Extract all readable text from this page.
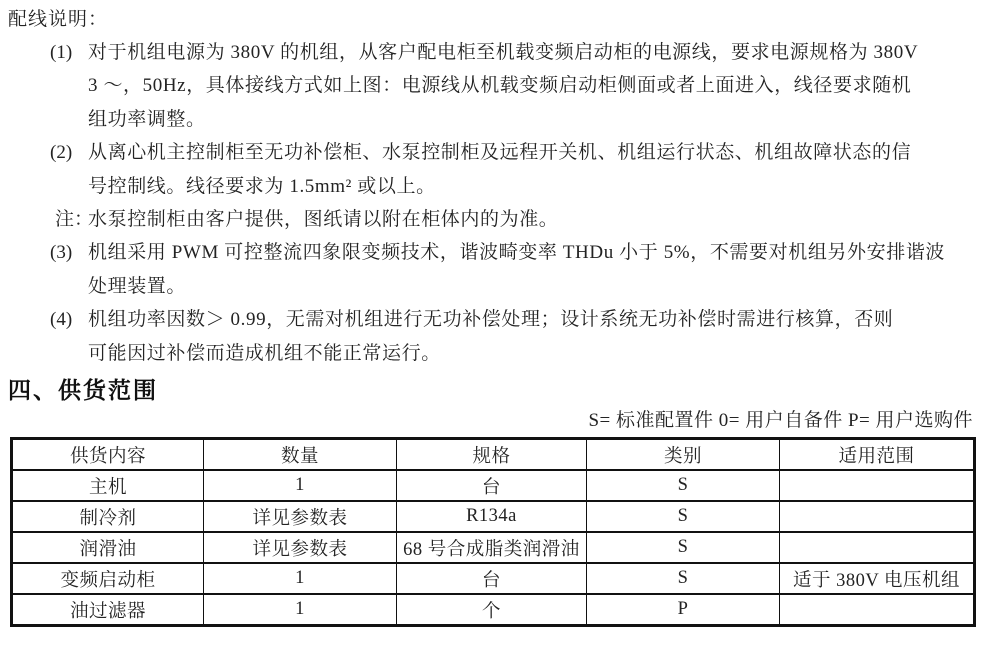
配线说明：
(1) 对于机组电源为 380V 的机组，从客户配电柜至机载变频启动柜的电源线，要求电源规格为 380V
3 ～，50Hz，具体接线方式如上图：电源线从机载变频启动柜侧面或者上面进入，线径要求随机
组功率调整。
(2) 从离心机主控制柜至无功补偿柜、水泵控制柜及远程开关机、机组运行状态、机组故障状态的信
号控制线。线径要求为 1.5mm² 或以上。
注：水泵控制柜由客户提供，图纸请以附在柜体内的为准。
(3) 机组采用 PWM 可控整流四象限变频技术，谐波畸变率 THDu 小于 5%，不需要对机组另外安排谐波
处理装置。
(4) 机组功率因数＞ 0.99，无需对机组进行无功补偿处理；设计系统无功补偿时需进行核算，否则
可能因过补偿而造成机组不能正常运行。
四、供货范围
S= 标准配置件 0= 用户自备件 P= 用户选购件
供货内容	数量	规格	类别	适用范围
主机	1	台	S	
制冷剂	详见参数表	R134a	S	
润滑油	详见参数表	68 号合成脂类润滑油	S	
变频启动柜	1	台	S	适于 380V 电压机组
油过滤器	1	个	P	
